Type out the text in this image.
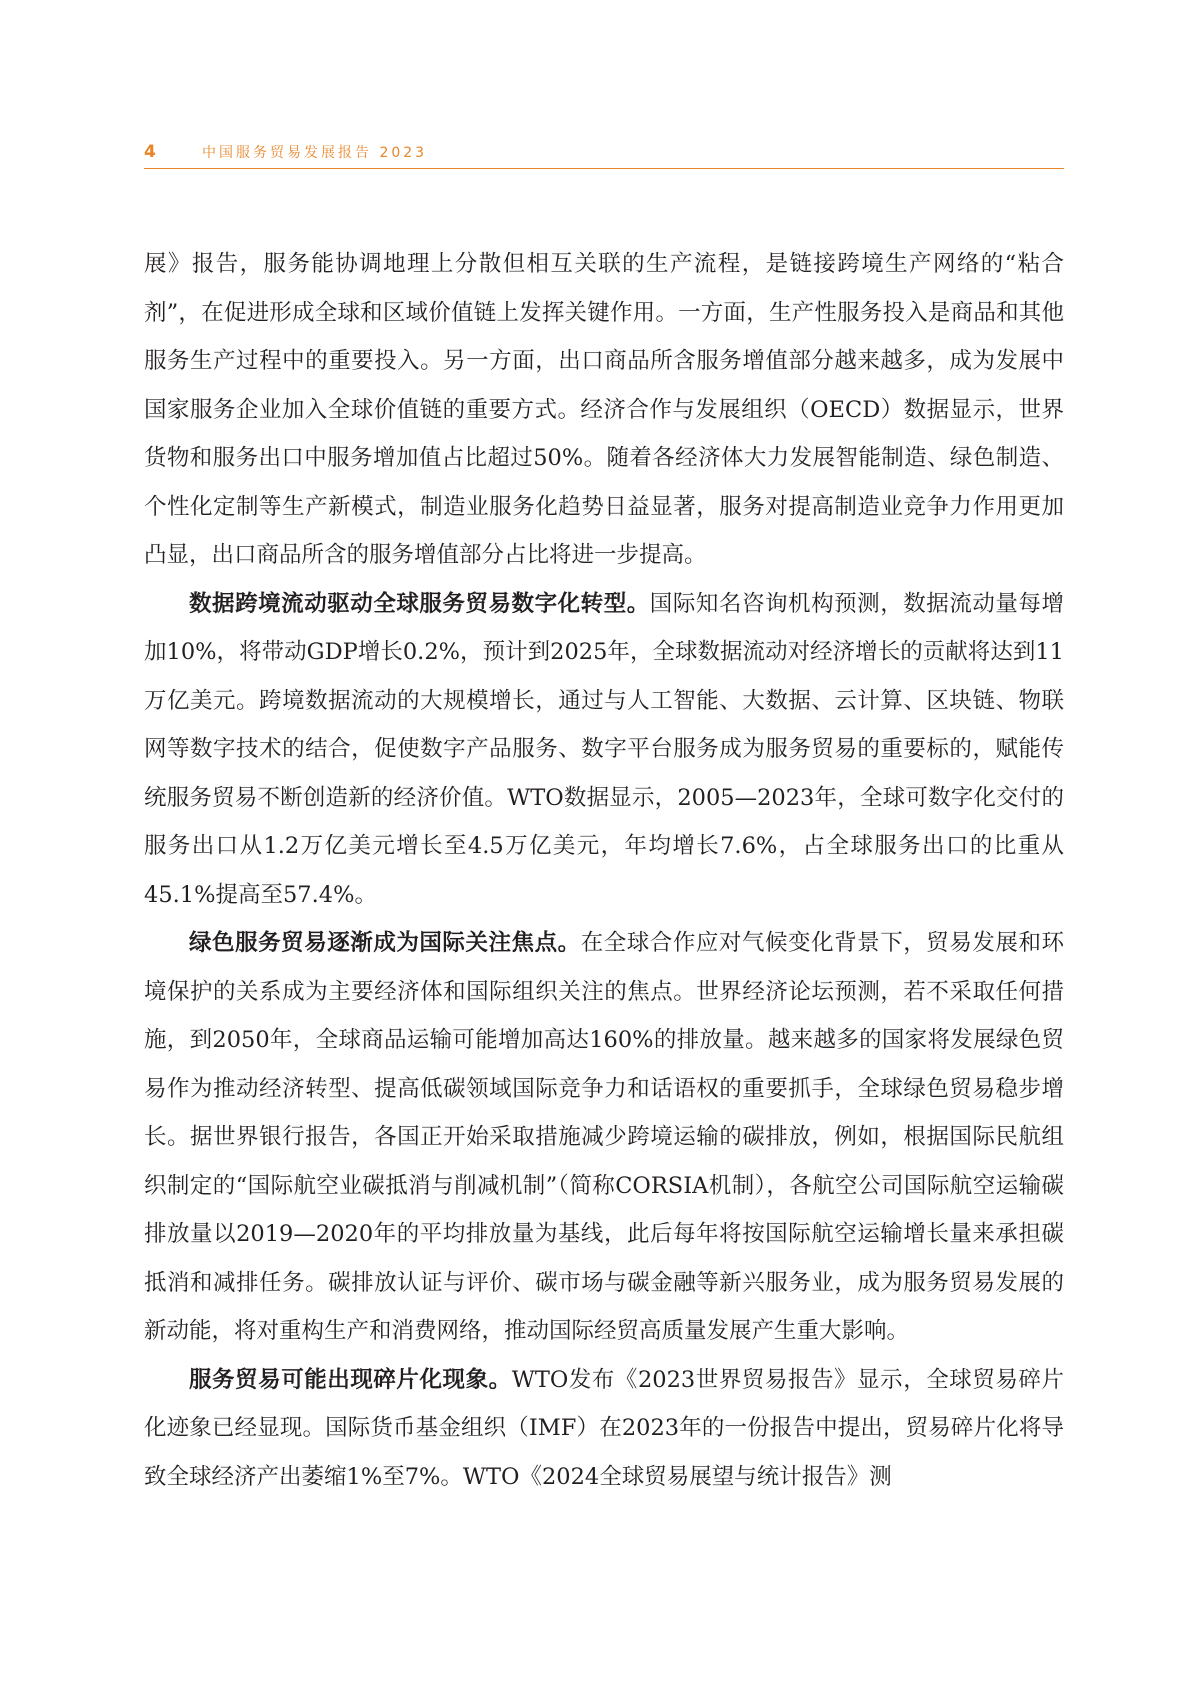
4	中国服务贸易发展报告 2023

展》报告，服务能协调地理上分散但相互关联的生产流程，是链接跨境生产网络的“粘合剂”，在促进形成全球和区域价值链上发挥关键作用。一方面，生产性服务投入是商品和其他服务生产过程中的重要投入。另一方面，出口商品所含服务增值部分越来越多，成为发展中国家服务企业加入全球价值链的重要方式。经济合作与发展组织（OECD）数据显示，世界货物和服务出口中服务增加值占比超过50%。随着各经济体大力发展智能制造、绿色制造、个性化定制等生产新模式，制造业服务化趋势日益显著，服务对提高制造业竞争力作用更加凸显，出口商品所含的服务增值部分占比将进一步提高。

数据跨境流动驱动全球服务贸易数字化转型。国际知名咨询机构预测，数据流动量每增加10%，将带动GDP增长0.2%，预计到2025年，全球数据流动对经济增长的贡献将达到11万亿美元。跨境数据流动的大规模增长，通过与人工智能、大数据、云计算、区块链、物联网等数字技术的结合，促使数字产品服务、数字平台服务成为服务贸易的重要标的，赋能传统服务贸易不断创造新的经济价值。WTO数据显示，2005—2023年，全球可数字化交付的服务出口从1.2万亿美元增长至4.5万亿美元，年均增长7.6%，占全球服务出口的比重从45.1%提高至57.4%。

绿色服务贸易逐渐成为国际关注焦点。在全球合作应对气候变化背景下，贸易发展和环境保护的关系成为主要经济体和国际组织关注的焦点。世界经济论坛预测，若不采取任何措施，到2050年，全球商品运输可能增加高达160%的排放量。越来越多的国家将发展绿色贸易作为推动经济转型、提高低碳领域国际竞争力和话语权的重要抓手，全球绿色贸易稳步增长。据世界银行报告，各国正开始采取措施减少跨境运输的碳排放，例如，根据国际民航组织制定的“国际航空业碳抵消与削减机制”（简称CORSIA机制），各航空公司国际航空运输碳排放量以2019—2020年的平均排放量为基线，此后每年将按国际航空运输增长量来承担碳抵消和减排任务。碳排放认证与评价、碳市场与碳金融等新兴服务业，成为服务贸易发展的新动能，将对重构生产和消费网络，推动国际经贸高质量发展产生重大影响。

服务贸易可能出现碎片化现象。WTO发布《2023世界贸易报告》显示，全球贸易碎片化迹象已经显现。国际货币基金组织（IMF）在2023年的一份报告中提出，贸易碎片化将导致全球经济产出萎缩1%至7%。WTO《2024全球贸易展望与统计报告》测
